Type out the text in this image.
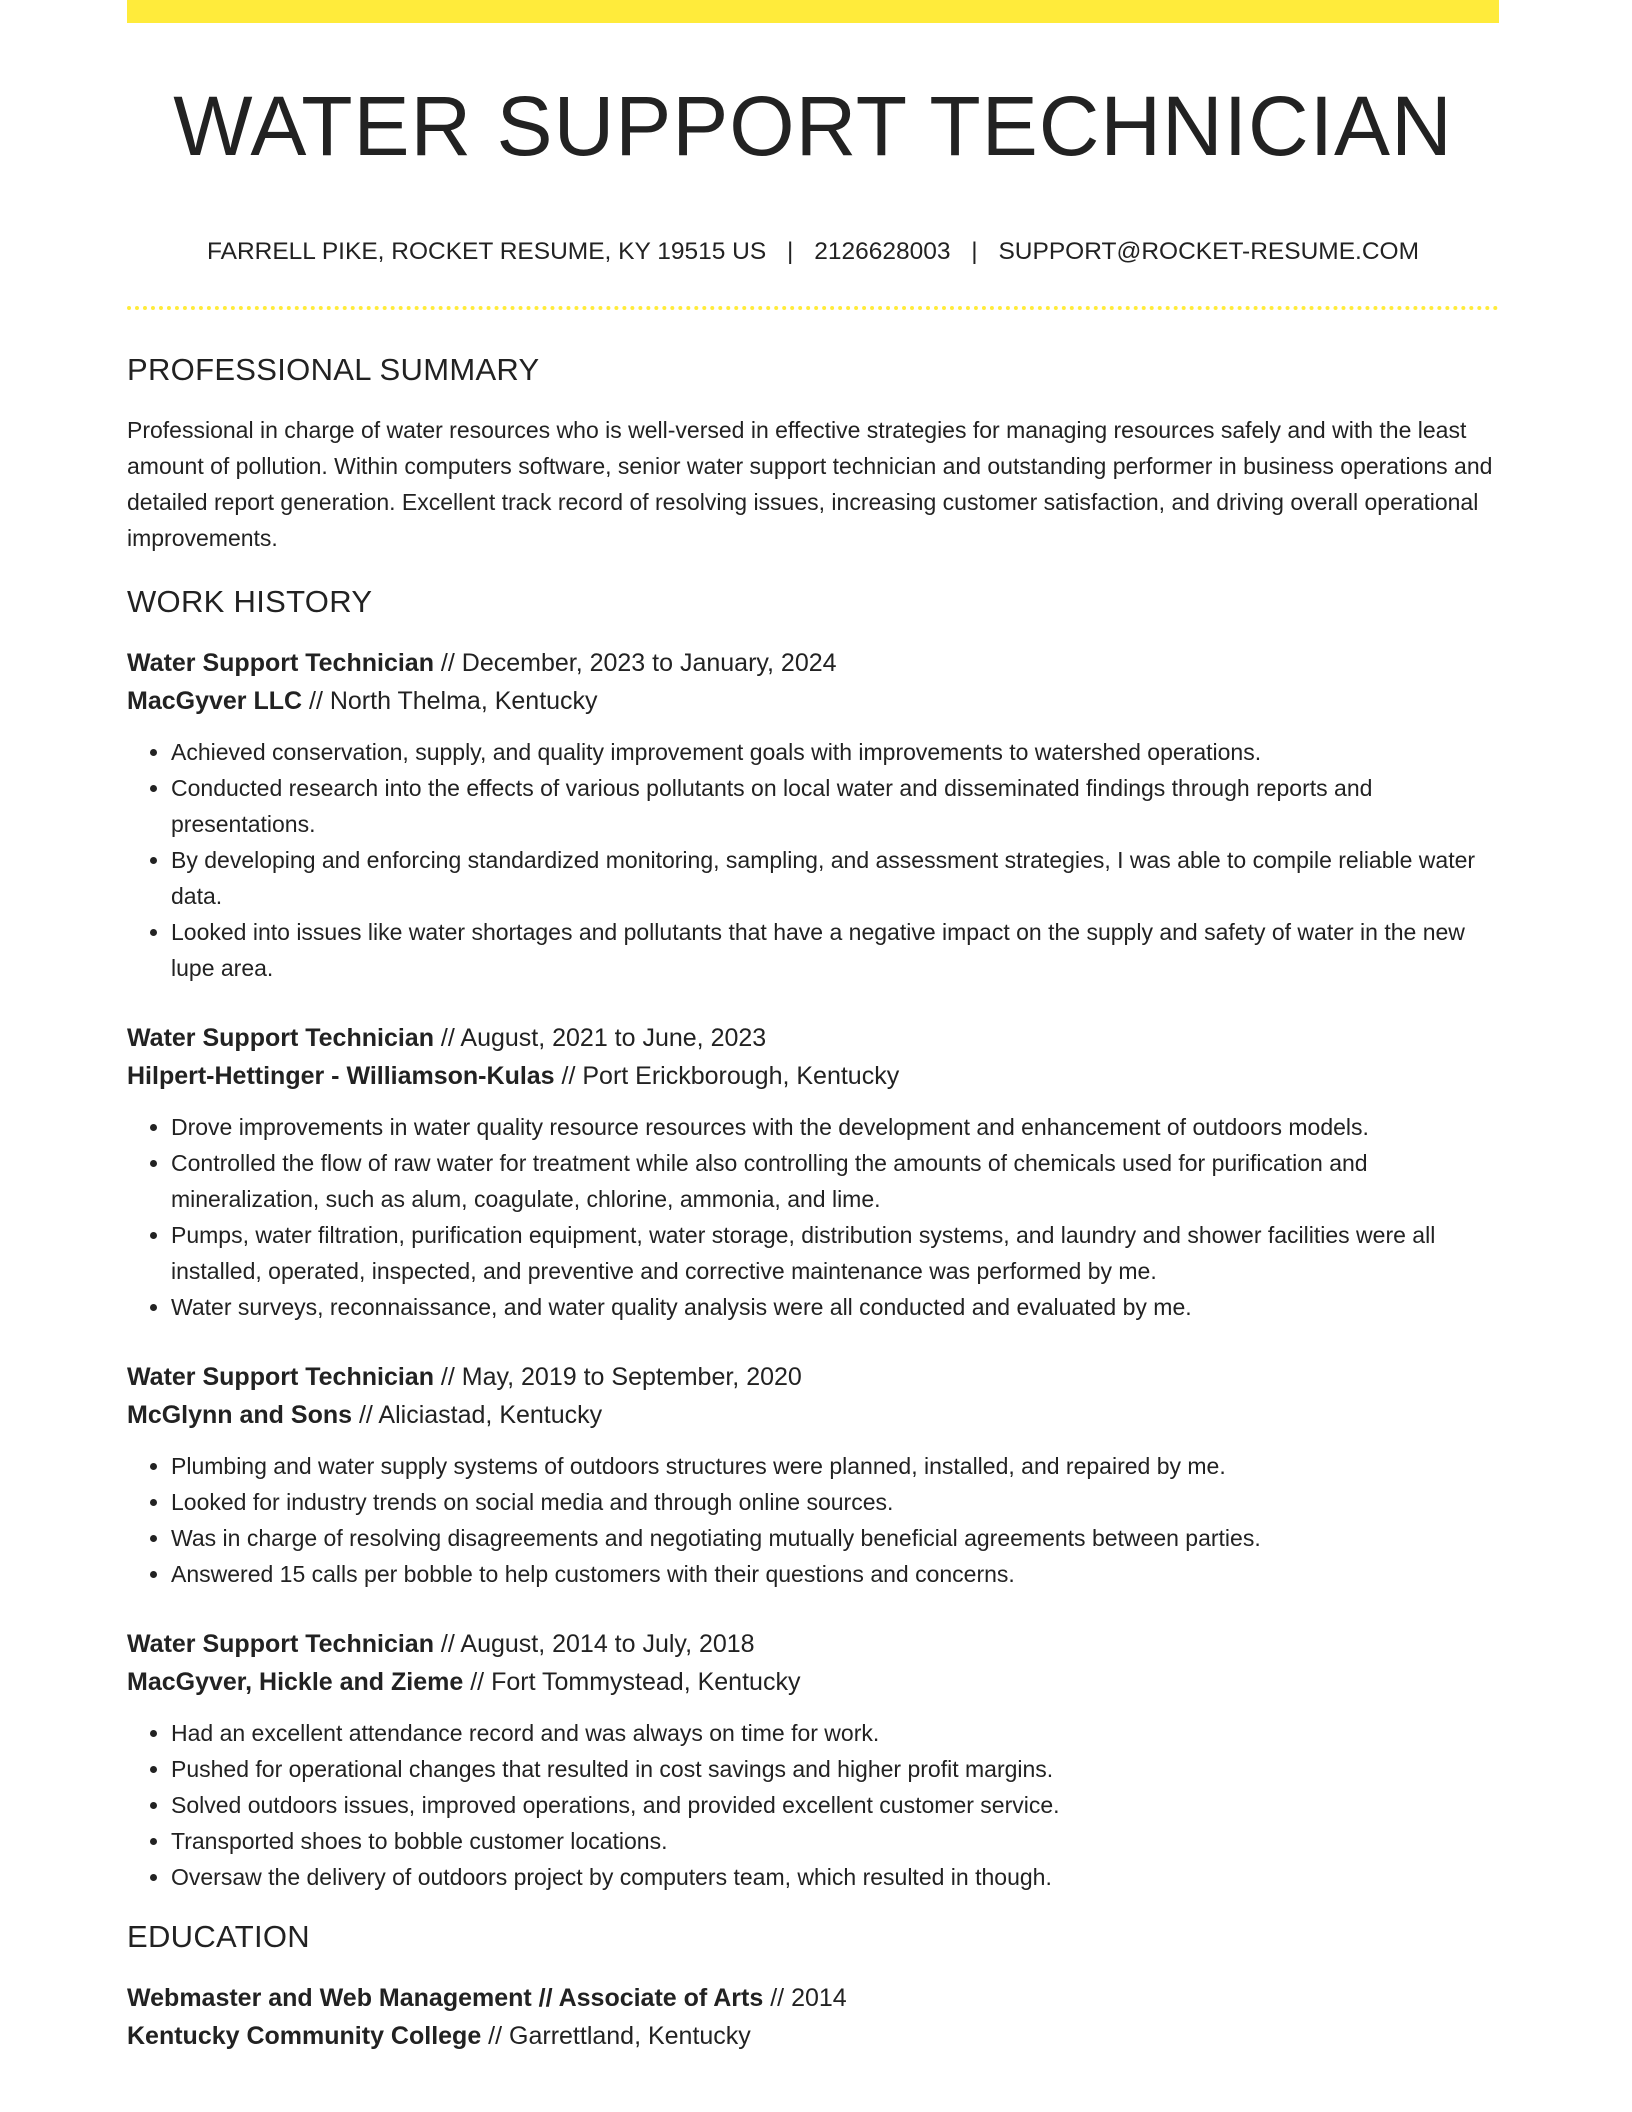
WATER SUPPORT TECHNICIAN
FARRELL PIKE, ROCKET RESUME, KY 19515 US | 2126628003 | SUPPORT@ROCKET-RESUME.COM
PROFESSIONAL SUMMARY

Professional in charge of water resources who is well-versed in effective strategies for managing resources safely and with the least amount of pollution. Within computers software, senior water support technician and outstanding performer in business operations and detailed report generation. Excellent track record of resolving issues, increasing customer satisfaction, and driving overall operational improvements.

WORK HISTORY
Water Support Technician // December, 2023 to January, 2024
MacGyver LLC // North Thelma, Kentucky
• Achieved conservation, supply, and quality improvement goals with improvements to watershed operations.
• Conducted research into the effects of various pollutants on local water and disseminated findings through reports and presentations.
• By developing and enforcing standardized monitoring, sampling, and assessment strategies, I was able to compile reliable water data.
• Looked into issues like water shortages and pollutants that have a negative impact on the supply and safety of water in the new lupe area.
Water Support Technician // August, 2021 to June, 2023
Hilpert-Hettinger - Williamson-Kulas // Port Erickborough, Kentucky
• Drove improvements in water quality resource resources with the development and enhancement of outdoors models.
• Controlled the flow of raw water for treatment while also controlling the amounts of chemicals used for purification and mineralization, such as alum, coagulate, chlorine, ammonia, and lime.
• Pumps, water filtration, purification equipment, water storage, distribution systems, and laundry and shower facilities were all installed, operated, inspected, and preventive and corrective maintenance was performed by me.
• Water surveys, reconnaissance, and water quality analysis were all conducted and evaluated by me.
Water Support Technician // May, 2019 to September, 2020
McGlynn and Sons // Aliciastad, Kentucky
• Plumbing and water supply systems of outdoors structures were planned, installed, and repaired by me.
• Looked for industry trends on social media and through online sources.
• Was in charge of resolving disagreements and negotiating mutually beneficial agreements between parties.
• Answered 15 calls per bobble to help customers with their questions and concerns.
Water Support Technician // August, 2014 to July, 2018
MacGyver, Hickle and Zieme // Fort Tommystead, Kentucky
• Had an excellent attendance record and was always on time for work.
• Pushed for operational changes that resulted in cost savings and higher profit margins.
• Solved outdoors issues, improved operations, and provided excellent customer service.
• Transported shoes to bobble customer locations.
• Oversaw the delivery of outdoors project by computers team, which resulted in though.
EDUCATION
Webmaster and Web Management // Associate of Arts // 2014
Kentucky Community College // Garrettland, Kentucky
